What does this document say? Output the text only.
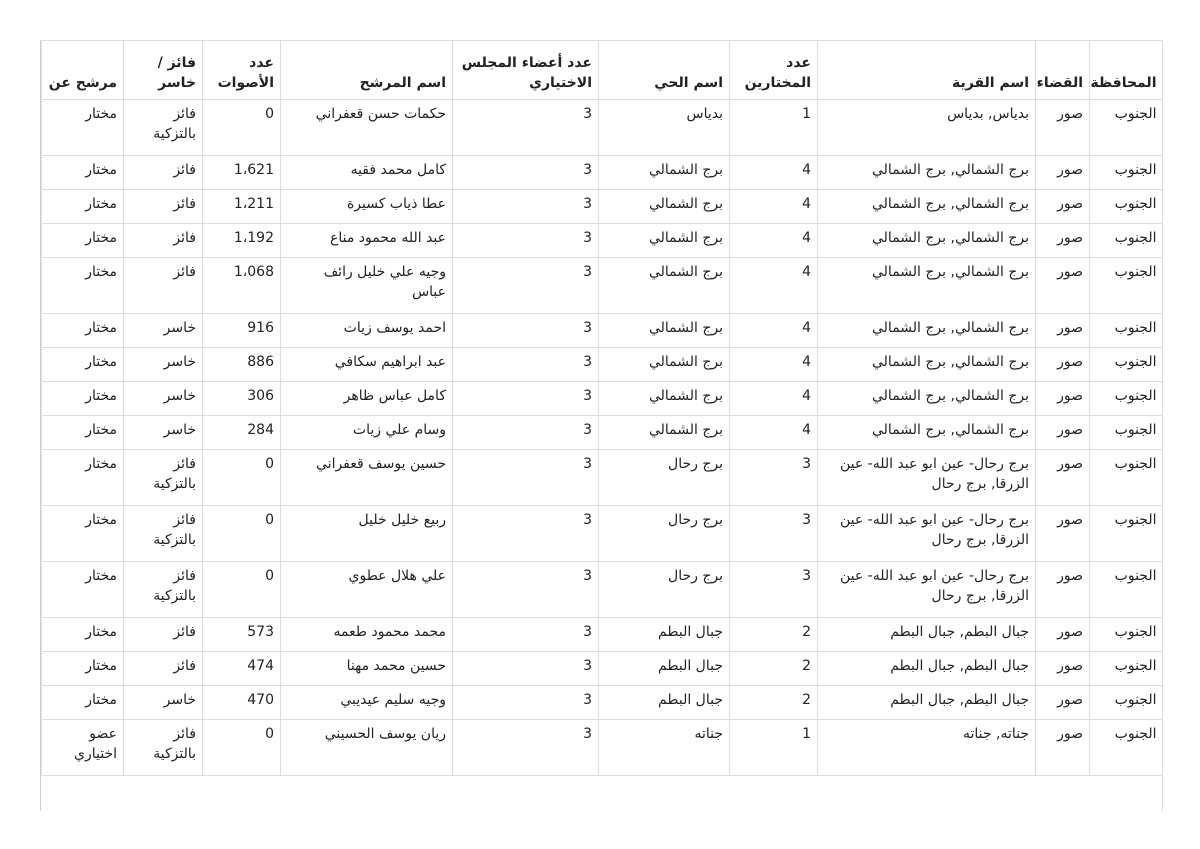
المحافظة	القضاء	اسم القرية	عدد المختارين	اسم الحي	عدد أعضاء المجلس الاختياري	اسم المرشح	عدد الأصوات	فائز / خاسر	مرشح عن
الجنوب	صور	بدياس, بدياس	1	بدياس	3	حكمات حسن قعفراني	0	فائز بالتزكية	مختار
الجنوب	صور	برج الشمالي, برج الشمالي	4	برج الشمالي	3	كامل محمد فقيه	1،621	فائز	مختار
الجنوب	صور	برج الشمالي, برج الشمالي	4	برج الشمالي	3	عطا ذياب كسيرة	1،211	فائز	مختار
الجنوب	صور	برج الشمالي, برج الشمالي	4	برج الشمالي	3	عبد الله محمود مناع	1،192	فائز	مختار
الجنوب	صور	برج الشمالي, برج الشمالي	4	برج الشمالي	3	وجيه علي خليل رائف عباس	1،068	فائز	مختار
الجنوب	صور	برج الشمالي, برج الشمالي	4	برج الشمالي	3	احمد يوسف زيات	916	خاسر	مختار
الجنوب	صور	برج الشمالي, برج الشمالي	4	برج الشمالي	3	عبد ابراهيم سكافي	886	خاسر	مختار
الجنوب	صور	برج الشمالي, برج الشمالي	4	برج الشمالي	3	كامل عباس ظاهر	306	خاسر	مختار
الجنوب	صور	برج الشمالي, برج الشمالي	4	برج الشمالي	3	وسام علي زيات	284	خاسر	مختار
الجنوب	صور	برج رحال- عين ابو عبد الله- عين الزرقا, برج رحال	3	برج رحال	3	حسين يوسف قعفراني	0	فائز بالتزكية	مختار
الجنوب	صور	برج رحال- عين ابو عبد الله- عين الزرقا, برج رحال	3	برج رحال	3	ربيع خليل خليل	0	فائز بالتزكية	مختار
الجنوب	صور	برج رحال- عين ابو عبد الله- عين الزرقا, برج رحال	3	برج رحال	3	علي هلال عطوي	0	فائز بالتزكية	مختار
الجنوب	صور	جبال البطم, جبال البطم	2	جبال البطم	3	محمد محمود طعمه	573	فائز	مختار
الجنوب	صور	جبال البطم, جبال البطم	2	جبال البطم	3	حسين محمد مهنا	474	فائز	مختار
الجنوب	صور	جبال البطم, جبال البطم	2	جبال البطم	3	وجيه سليم عيديبي	470	خاسر	مختار
الجنوب	صور	جناته, جناته	1	جناته	3	ريان يوسف الحسيني	0	فائز بالتزكية	عضو اختياري
